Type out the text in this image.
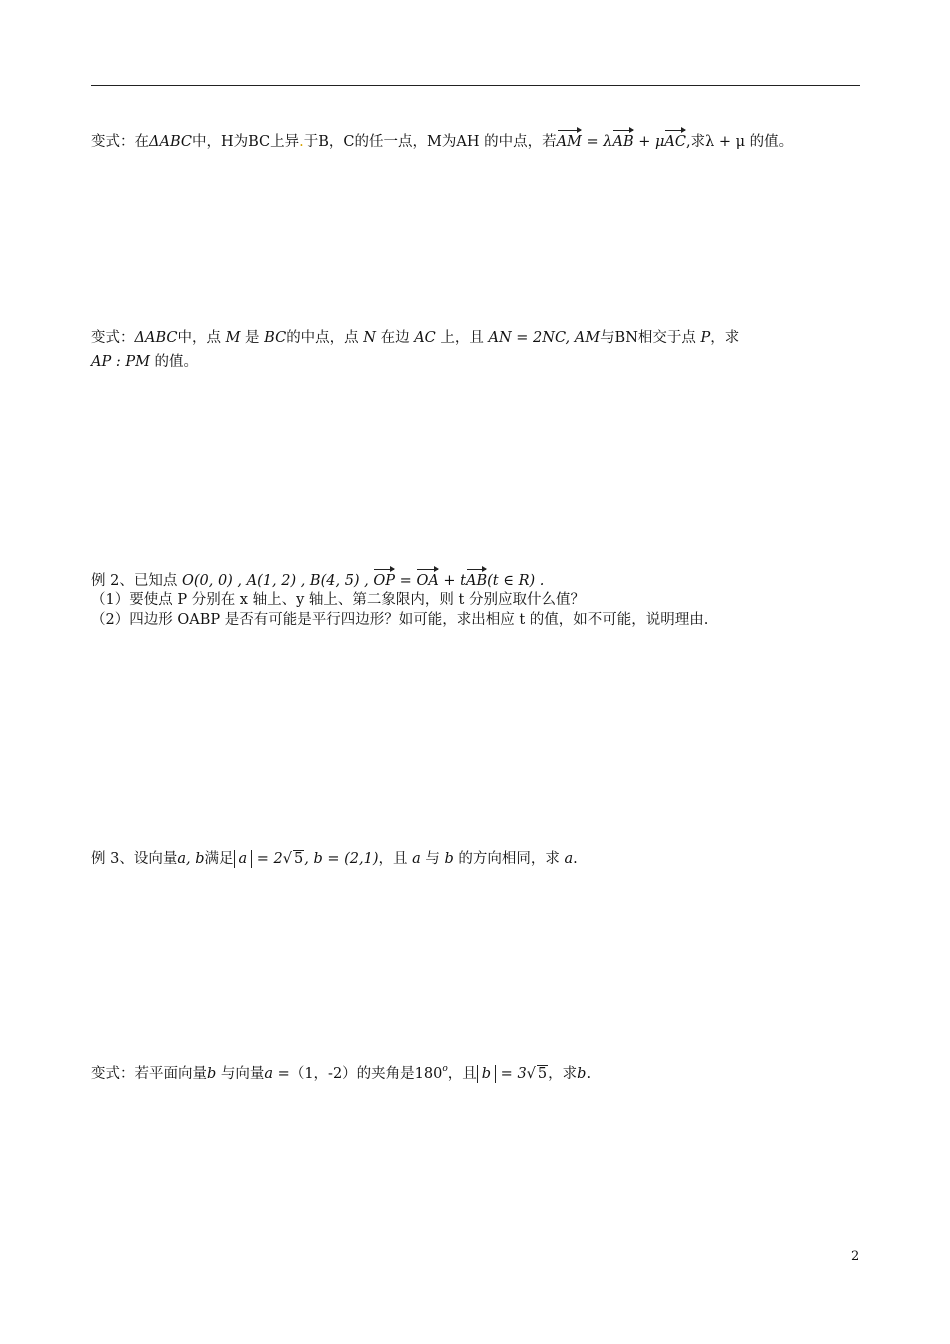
变式：在ΔABC中，H为BC上异.于B，C的任一点，M为AH 的中点，若AM = λAB + μAC,求λ + μ 的值。
变式：ΔABC中，点 M 是 BC的中点，点 N 在边 AC 上，且 AN = 2NC, AM与BN相交于点 P，求
AP : PM 的值。
例 2、已知点 O(0, 0) , A(1, 2) , B(4, 5) , OP = OA + tAB(t ∈ R) .
（1）要使点 P 分别在 x 轴上、y 轴上、第二象限内，则 t 分别应取什么值？
（2）四边形 OABP 是否有可能是平行四边形？如可能，求出相应 t 的值，如不可能，说明理由.
例 3、设向量a, b满足 a = 2√ 5, b = (2,1)，且 a 与 b 的方向相同，求 a.
变式：若平面向量b 与向量a =（1，-2）的夹角是180$^o$，且 b = 3√ 5，求b.
2
